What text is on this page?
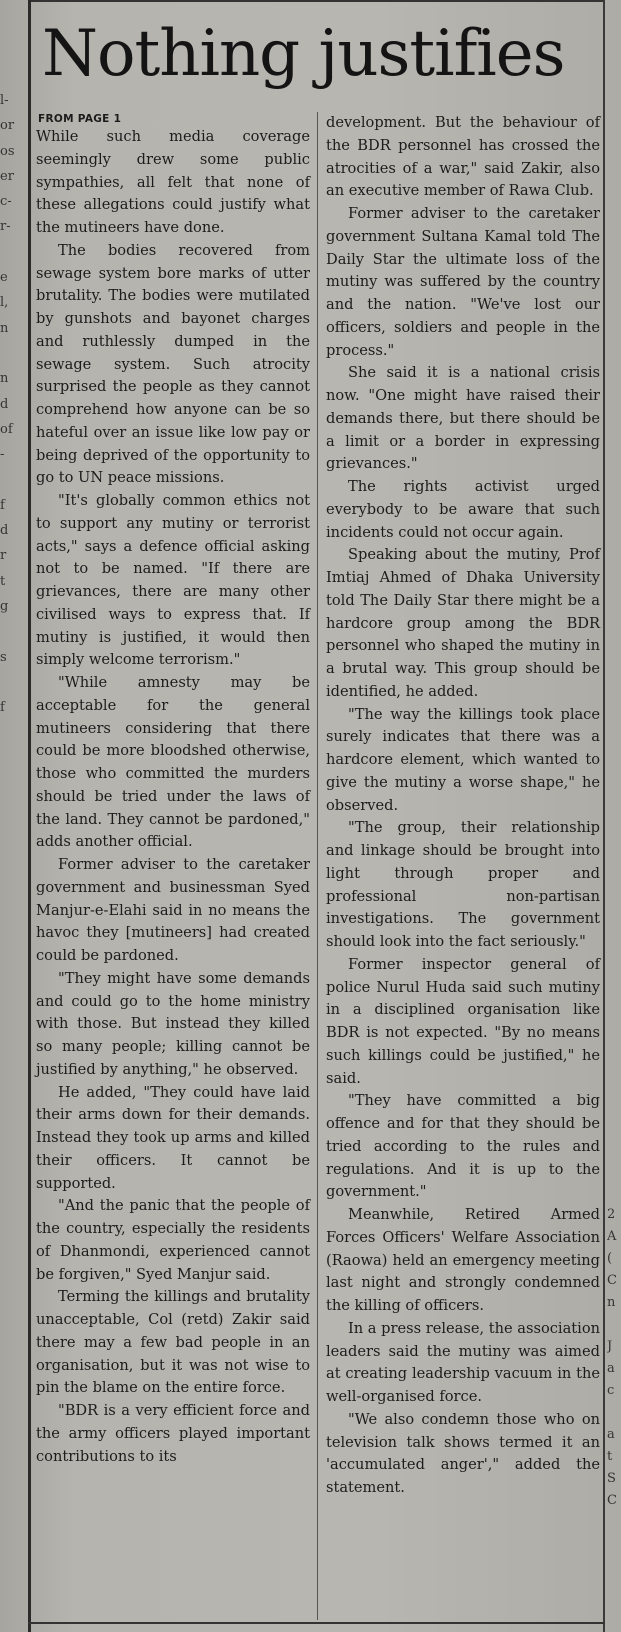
Nothing justifies
l-
or
os
er
c-
r-

e
l,
n

n
d
of
-

f
d
r
t
g

s

f

2
A
(
C
n

J
a
c

a
t
S
C
FROM PAGE 1

While such media coverage seemingly drew some public sympathies, all felt that none of these allegations could justify what the mutineers have done.

The bodies recovered from sewage system bore marks of utter brutality. The bodies were mutilated by gunshots and bayonet charges and ruthlessly dumped in the sewage system. Such atrocity surprised the people as they cannot comprehend how anyone can be so hateful over an issue like low pay or being deprived of the opportunity to go to UN peace missions.

"It's globally common ethics not to support any mutiny or terrorist acts," says a defence official asking not to be named. "If there are grievances, there are many other civilised ways to express that. If mutiny is justified, it would then simply welcome terrorism."

"While amnesty may be acceptable for the general mutineers considering that there could be more bloodshed otherwise, those who committed the murders should be tried under the laws of the land. They cannot be pardoned," adds another official.

Former adviser to the caretaker government and businessman Syed Manjur-e-Elahi said in no means the havoc they [mutineers] had created could be pardoned.

"They might have some demands and could go to the home ministry with those. But instead they killed so many people; killing cannot be justified by anything," he observed.

He added, "They could have laid their arms down for their demands. Instead they took up arms and killed their officers. It cannot be supported.

"And the panic that the people of the country, especially the residents of Dhanmondi, experienced cannot be forgiven," Syed Manjur said.

Terming the killings and brutality unacceptable, Col (retd) Zakir said there may a few bad people in an organisation, but it was not wise to pin the blame on the entire force.

"BDR is a very efficient force and the army officers played important contributions to its

development. But the behaviour of the BDR personnel has crossed the atrocities of a war," said Zakir, also an executive member of Rawa Club.

Former adviser to the caretaker government Sultana Kamal told The Daily Star the ultimate loss of the mutiny was suffered by the country and the nation. "We've lost our officers, soldiers and people in the process."

She said it is a national crisis now. "One might have raised their demands there, but there should be a limit or a border in expressing grievances."

The rights activist urged everybody to be aware that such incidents could not occur again.

Speaking about the mutiny, Prof Imtiaj Ahmed of Dhaka University told The Daily Star there might be a hardcore group among the BDR personnel who shaped the mutiny in a brutal way. This group should be identified, he added.

"The way the killings took place surely indicates that there was a hardcore element, which wanted to give the mutiny a worse shape," he observed.

"The group, their relationship and linkage should be brought into light through proper and professional non-partisan investigations. The government should look into the fact seriously."

Former inspector general of police Nurul Huda said such mutiny in a disciplined organisation like BDR is not expected. "By no means such killings could be justified," he said.

"They have committed a big offence and for that they should be tried according to the rules and regulations. And it is up to the government."

Meanwhile, Retired Armed Forces Officers' Welfare Association (Raowa) held an emergency meeting last night and strongly condemned the killing of officers.

In a press release, the association leaders said the mutiny was aimed at creating leadership vacuum in the well-organised force.

"We also condemn those who on television talk shows termed it an 'accumulated anger'," added the statement.
